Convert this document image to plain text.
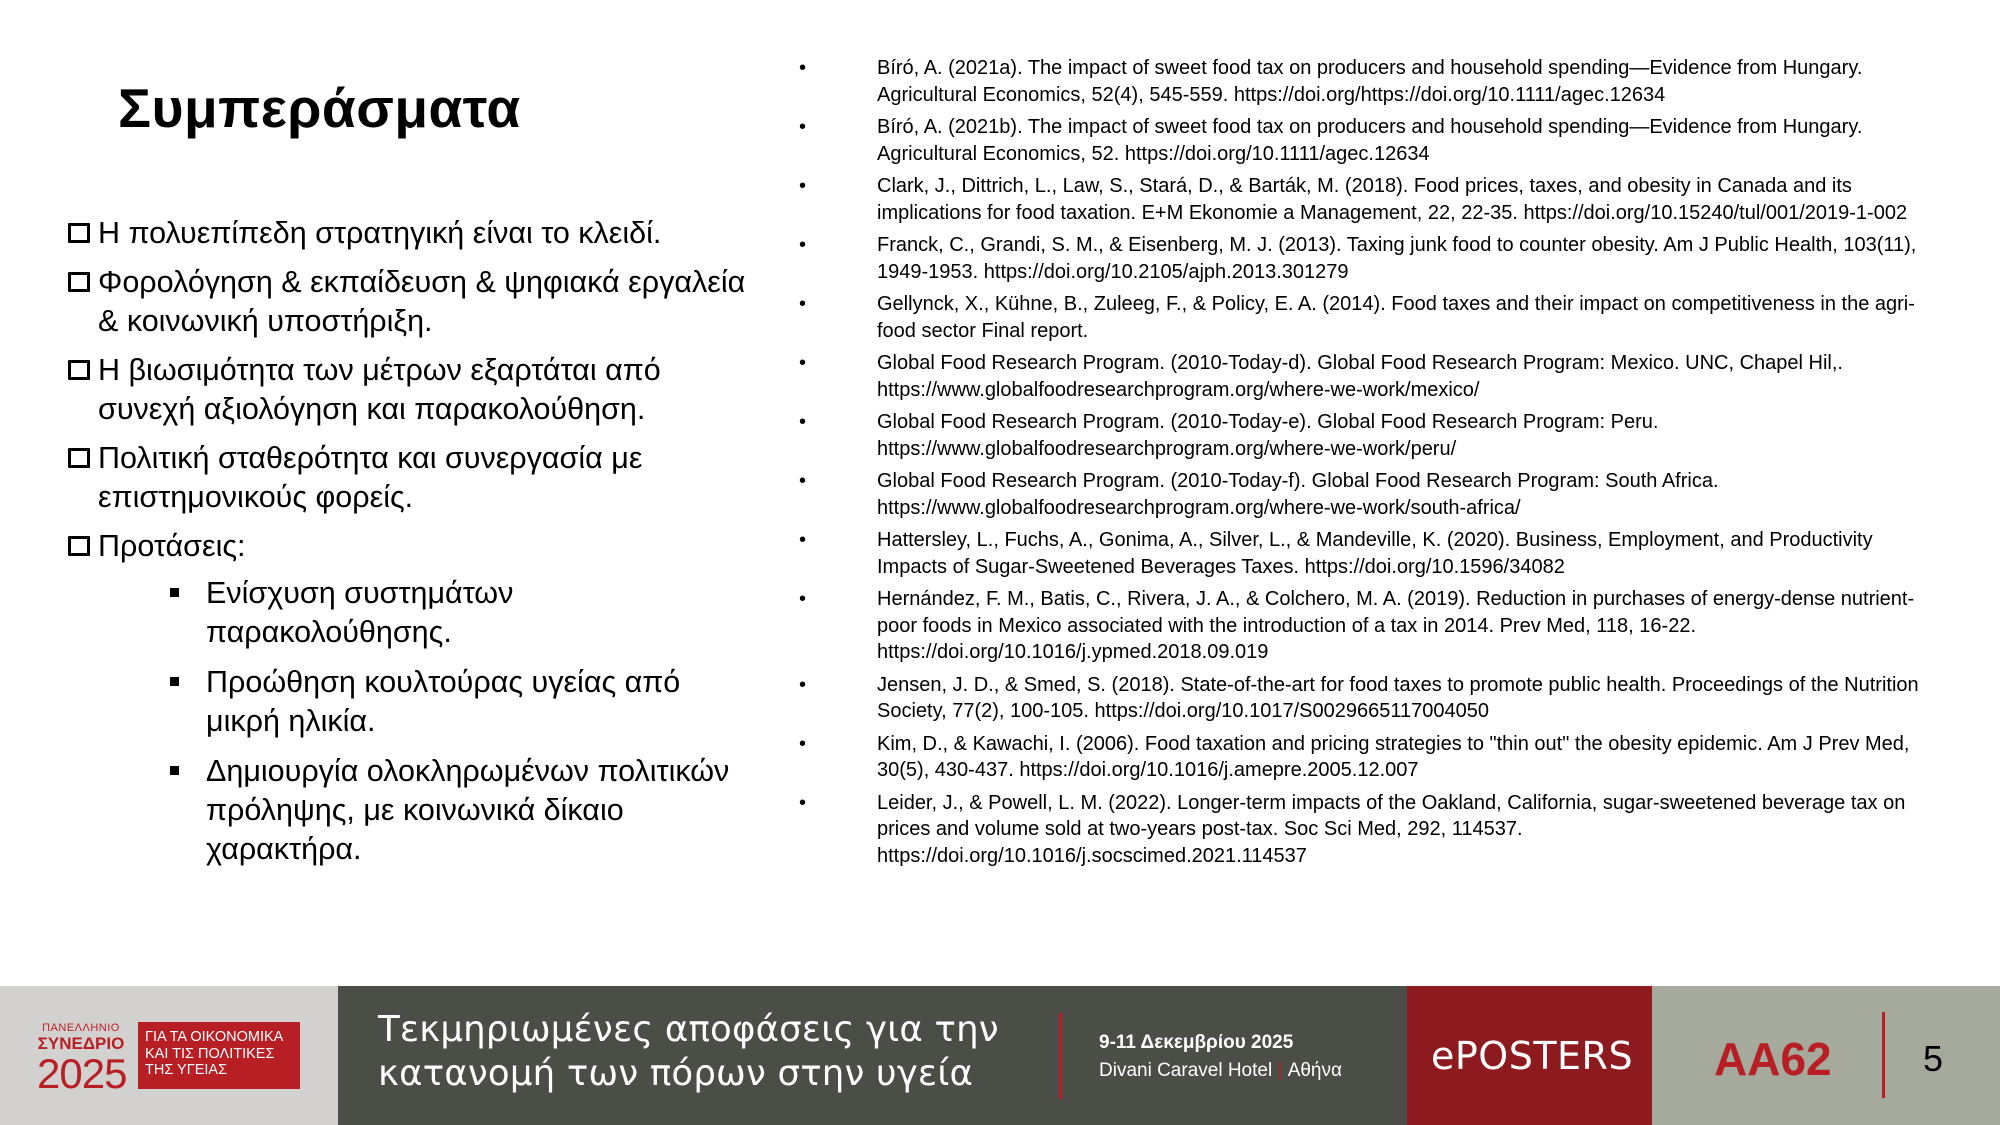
Συμπεράσματα
Η πολυεπίπεδη στρατηγική είναι το κλειδί.
Φορολόγηση & εκπαίδευση & ψηφιακά εργαλεία & κοινωνική υποστήριξη.
Η βιωσιμότητα των μέτρων εξαρτάται από συνεχή αξιολόγηση και παρακολούθηση.
Πολιτική σταθερότητα και συνεργασία με επιστημονικούς φορείς.
Προτάσεις:
Ενίσχυση συστημάτων παρακολούθησης.
Προώθηση κουλτούρας υγείας από μικρή ηλικία.
Δημιουργία ολοκληρωμένων πολιτικών πρόληψης, με κοινωνικά δίκαιο χαρακτήρα.
•	Bíró, A. (2021a). The impact of sweet food tax on producers and household spending—Evidence from Hungary. Agricultural Economics, 52(4), 545-559. https://doi.org/https://doi.org/10.1111/agec.12634
•	Bíró, A. (2021b). The impact of sweet food tax on producers and household spending—Evidence from Hungary. Agricultural Economics, 52. https://doi.org/10.1111/agec.12634
•	Clark, J., Dittrich, L., Law, S., Stará, D., & Barták, M. (2018). Food prices, taxes, and obesity in Canada and its implications for food taxation. E+M Ekonomie a Management, 22, 22-35. https://doi.org/10.15240/tul/001/2019-1-002
•	Franck, C., Grandi, S. M., & Eisenberg, M. J. (2013). Taxing junk food to counter obesity. Am J Public Health, 103(11), 1949-1953. https://doi.org/10.2105/ajph.2013.301279
•	Gellynck, X., Kühne, B., Zuleeg, F., & Policy, E. A. (2014). Food taxes and their impact on competitiveness in the agri-food sector Final report.
•	Global Food Research Program. (2010-Today-d). Global Food Research Program: Mexico. UNC, Chapel Hil,. https://www.globalfoodresearchprogram.org/where-we-work/mexico/
•	Global Food Research Program. (2010-Today-e). Global Food Research Program: Peru. https://www.globalfoodresearchprogram.org/where-we-work/peru/
•	Global Food Research Program. (2010-Today-f). Global Food Research Program: South Africa. https://www.globalfoodresearchprogram.org/where-we-work/south-africa/
•	Hattersley, L., Fuchs, A., Gonima, A., Silver, L., & Mandeville, K. (2020). Business, Employment, and Productivity Impacts of Sugar-Sweetened Beverages Taxes. https://doi.org/10.1596/34082
•	Hernández, F. M., Batis, C., Rivera, J. A., & Colchero, M. A. (2019). Reduction in purchases of energy-dense nutrient-poor foods in Mexico associated with the introduction of a tax in 2014. Prev Med, 118, 16-22. https://doi.org/10.1016/j.ypmed.2018.09.019
•	Jensen, J. D., & Smed, S. (2018). State-of-the-art for food taxes to promote public health. Proceedings of the Nutrition Society, 77(2), 100-105. https://doi.org/10.1017/S0029665117004050
•	Kim, D., & Kawachi, I. (2006). Food taxation and pricing strategies to "thin out" the obesity epidemic. Am J Prev Med, 30(5), 430-437. https://doi.org/10.1016/j.amepre.2005.12.007
•	Leider, J., & Powell, L. M. (2022). Longer-term impacts of the Oakland, California, sugar-sweetened beverage tax on prices and volume sold at two-years post-tax. Soc Sci Med, 292, 114537. https://doi.org/10.1016/j.socscimed.2021.114537
ΠΑΝΕΛΛΗΝΙΟ
ΣΥΝΕΔΡΙΟ
2025
ΓΙΑ ΤΑ ΟΙΚΟΝΟΜΙΚΑ
ΚΑΙ ΤΙΣ ΠΟΛΙΤΙΚΕΣ
ΤΗΣ ΥΓΕΙΑΣ
Τεκμηριωμένες αποφάσεις για την
κατανομή των πόρων στην υγεία
9-11 Δεκεμβρίου 2025
Divani Caravel Hotel | Αθήνα	ePOSTERS	AA62	5
